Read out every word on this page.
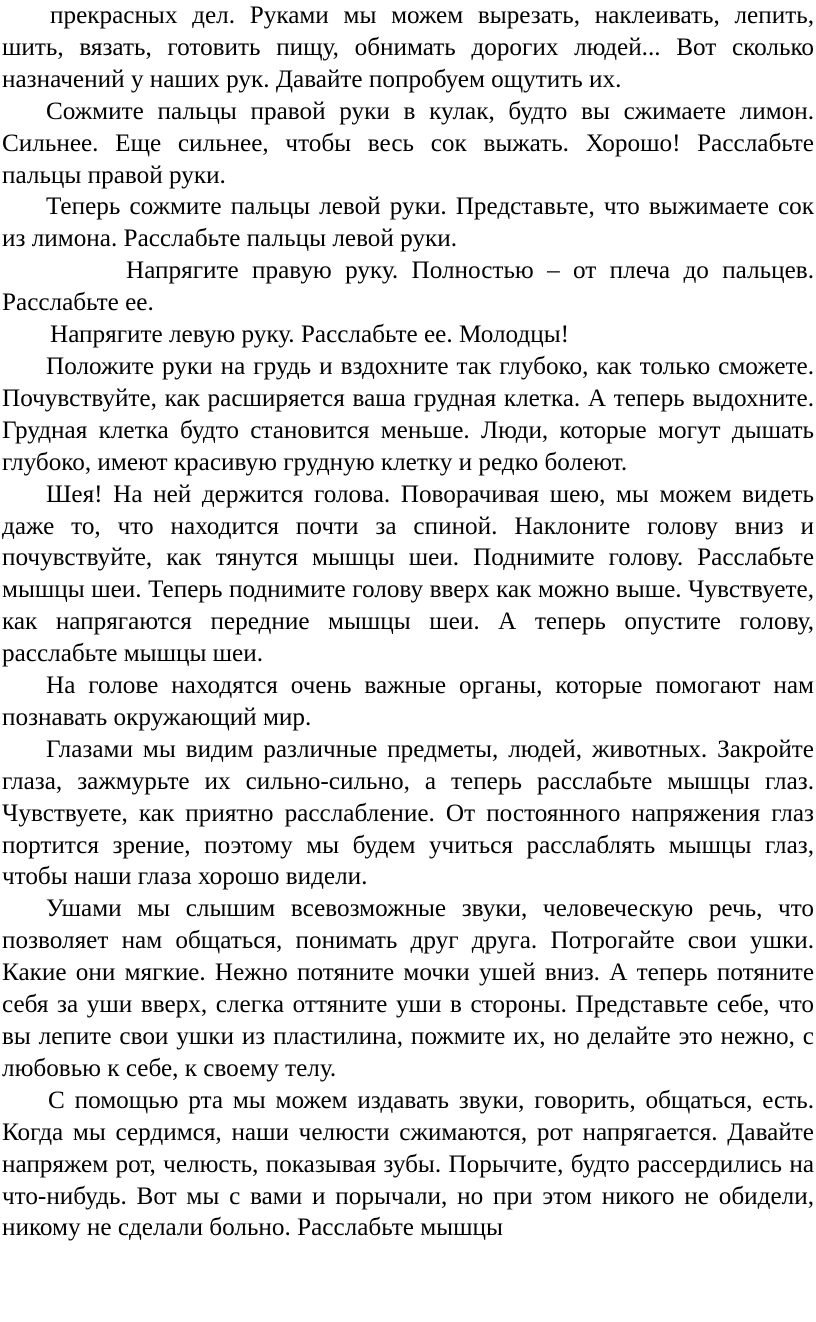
прекрасных дел. Руками мы можем вырезать, наклеивать, лепить, шить, вязать, готовить пищу, обнимать дорогих людей... Вот сколько назначений у наших рук. Давайте попробуем ощутить их.

Сожмите пальцы правой руки в кулак, будто вы сжимаете лимон. Сильнее. Еще сильнее, чтобы весь сок выжать. Хорошо! Расслабьте пальцы правой руки.

Теперь сожмите пальцы левой руки. Представьте, что выжимаете сок из лимона. Расслабьте пальцы левой руки.

Напрягите правую руку. Полностью – от плеча до пальцев. Расслабьте ее.

Напрягите левую руку. Расслабьте ее. Молодцы!

Положите руки на грудь и вздохните так глубоко, как только сможете. Почувствуйте, как расширяется ваша грудная клетка. А теперь выдохните. Грудная клетка будто становится меньше. Люди, которые могут дышать глубоко, имеют красивую грудную клетку и редко болеют.

Шея! На ней держится голова. Поворачивая шею, мы можем видеть даже то, что находится почти за спиной. Наклоните голову вниз и почувствуйте, как тянутся мышцы шеи. Поднимите голову. Расслабьте мышцы шеи. Теперь поднимите голову вверх как можно выше. Чувствуете, как напрягаются передние мышцы шеи. А теперь опустите голову, расслабьте мышцы шеи.

На голове находятся очень важные органы, которые помогают нам познавать окружающий мир.

Глазами мы видим различные предметы, людей, животных. Закройте глаза, зажмурьте их сильно-сильно, а теперь расслабьте мышцы глаз. Чувствуете, как приятно расслабление. От постоянного напряжения глаз портится зрение, поэтому мы будем учиться расслаблять мышцы глаз, чтобы наши глаза хорошо видели.

Ушами мы слышим всевозможные звуки, человеческую речь, что позволяет нам общаться, понимать друг друга. Потрогайте свои ушки. Какие они мягкие. Нежно потяните мочки ушей вниз. А теперь потяните себя за уши вверх, слегка оттяните уши в стороны. Представьте себе, что вы лепите свои ушки из пластилина, пожмите их, но делайте это нежно, с любовью к себе, к своему телу.

С помощью рта мы можем издавать звуки, говорить, общаться, есть. Когда мы сердимся, наши челюсти сжимаются, рот напрягается. Давайте напряжем рот, челюсть, показывая зубы. Порычите, будто рассердились на что-нибудь. Вот мы с вами и порычали, но при этом никого не обидели, никому не сделали больно. Расслабьте мышцы
